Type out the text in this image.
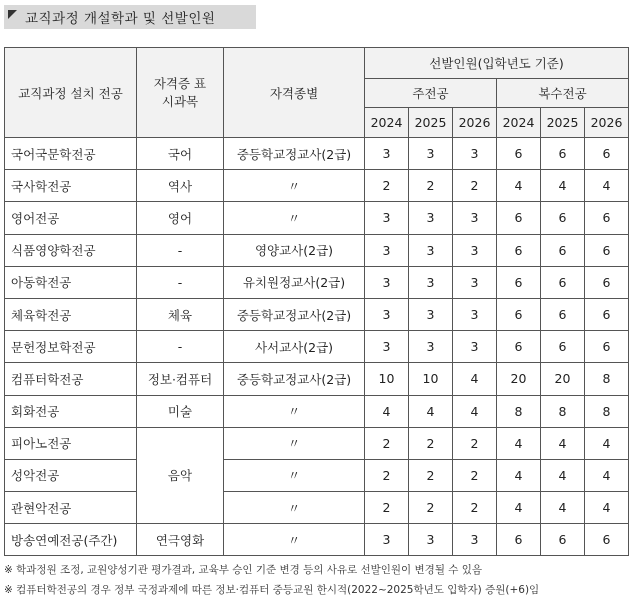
교직과정 개설학과 및 선발인원
교직과정 설치 전공	자격증 표시과목	자격종별	선발인원(입학년도 기준)					
			주전공			복수전공		
			2024	2025	2026	2024	2025	2026
국어국문학전공	국어	중등학교정교사(2급)	3	3	3	6	6	6
국사학전공	역사	〃	2	2	2	4	4	4
영어전공	영어	〃	3	3	3	6	6	6
식품영양학전공	-	영양교사(2급)	3	3	3	6	6	6
아동학전공	-	유치원정교사(2급)	3	3	3	6	6	6
체육학전공	체육	중등학교정교사(2급)	3	3	3	6	6	6
문헌정보학전공	-	사서교사(2급)	3	3	3	6	6	6
컴퓨터학전공	정보·컴퓨터	중등학교정교사(2급)	10	10	4	20	20	8
회화전공	미술	〃	4	4	4	8	8	8
피아노전공	음악	〃	2	2	2	4	4	4
성악전공		〃	2	2	2	4	4	4
관현악전공		〃	2	2	2	4	4	4
방송연예전공(주간)	연극영화	〃	3	3	3	6	6	6
※ 학과정원 조정, 교원양성기관 평가결과, 교육부 승인 기준 변경 등의 사유로 선발인원이 변경될 수 있음
※ 컴퓨터학전공의 경우 정부 국정과제에 따른 정보·컴퓨터 중등교원 한시적(2022~2025학년도 입학자) 증원(+6)임
